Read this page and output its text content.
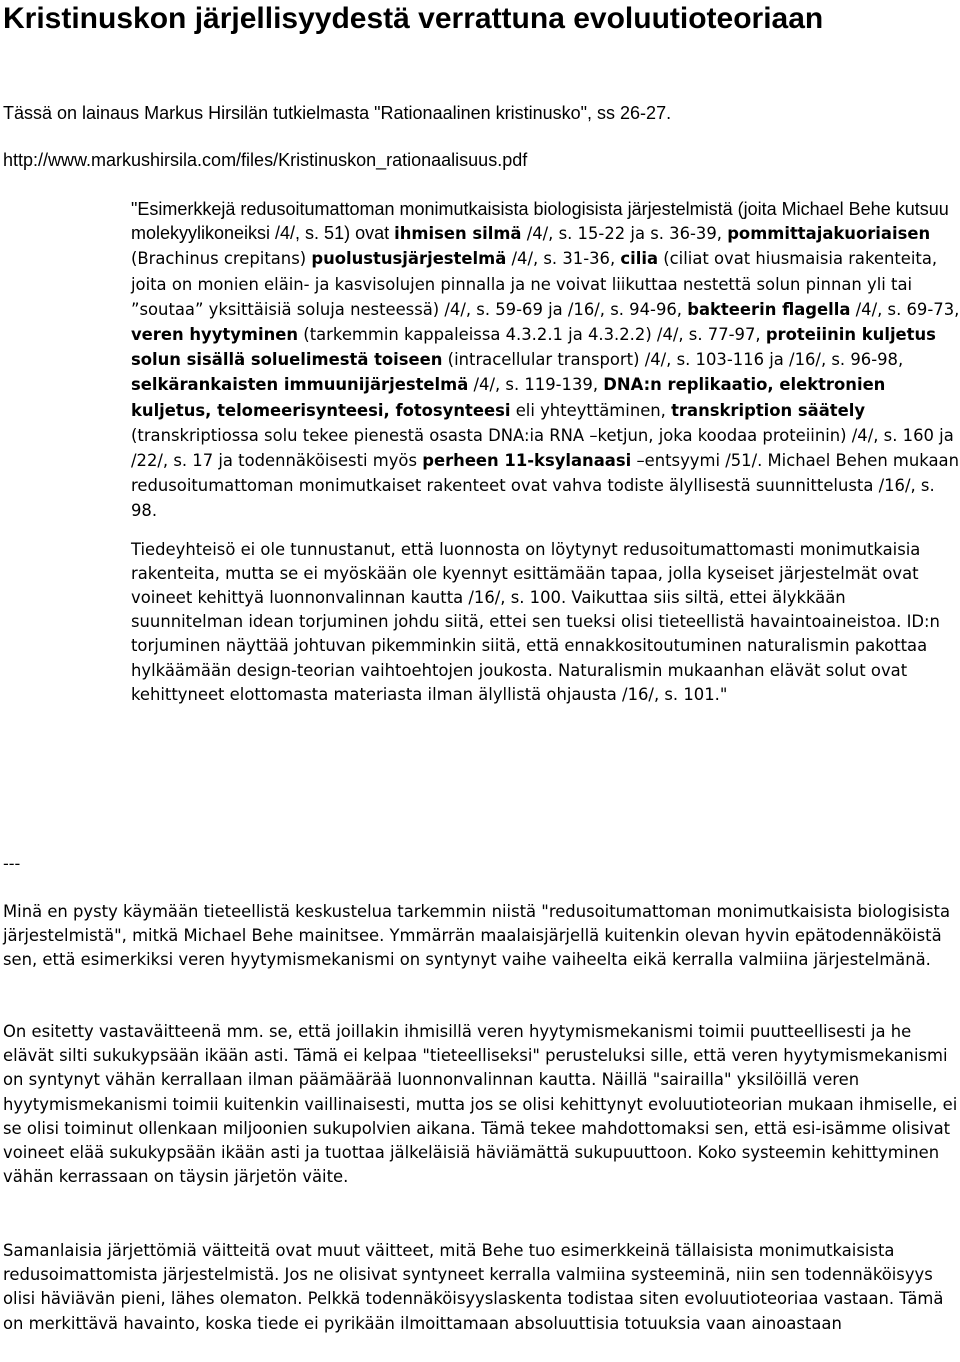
Kristinuskon järjellisyydestä verrattuna evoluutioteoriaan

Tässä on lainaus Markus Hirsilän tutkielmasta "Rationaalinen kristinusko", ss 26-27.

http://www.markushirsila.com/files/Kristinuskon_rationaalisuus.pdf

"Esimerkkejä redusoitumattoman monimutkaisista biologisista järjestelmistä (joita Michael Behe kutsuu molekyylikoneiksi /4/, s. 51) ovat ihmisen silmä /4/, s. 15-22 ja s. 36-39, pommittajakuoriaisen (Brachinus crepitans) puolustusjärjestelmä /4/, s. 31-36, cilia (ciliat ovat hiusmaisia rakenteita, joita on monien eläin- ja kasvisolujen pinnalla ja ne voivat liikuttaa nestettä solun pinnan yli tai ”soutaa” yksittäisiä soluja nesteessä) /4/, s. 59-69 ja /16/, s. 94-96, bakteerin flagella /4/, s. 69-73, veren hyytyminen (tarkemmin kappaleissa 4.3.2.1 ja 4.3.2.2) /4/, s. 77-97, proteiinin kuljetus solun sisällä soluelimestä toiseen (intracellular transport) /4/, s. 103-116 ja /16/, s. 96-98, selkärankaisten immuunijärjestelmä /4/, s. 119-139, DNA:n replikaatio, elektronien kuljetus, telomeerisynteesi, fotosynteesi eli yhteyttäminen, transkription säätely (transkriptiossa solu tekee pienestä osasta DNA:ia RNA –ketjun, joka koodaa proteiinin) /4/, s. 160 ja /22/, s. 17 ja todennäköisesti myös perheen 11-ksylanaasi –entsyymi /51/. Michael Behen mukaan redusoitumattoman monimutkaiset rakenteet ovat vahva todiste älyllisestä suunnittelusta /16/, s. 98.

Tiedeyhteisö ei ole tunnustanut, että luonnosta on löytynyt redusoitumattomasti monimutkaisia rakenteita, mutta se ei myöskään ole kyennyt esittämään tapaa, jolla kyseiset järjestelmät ovat voineet kehittyä luonnonvalinnan kautta /16/, s. 100. Vaikuttaa siis siltä, ettei älykkään suunnitelman idean torjuminen johdu siitä, ettei sen tueksi olisi tieteellistä havaintoaineistoa. ID:n torjuminen näyttää johtuvan pikemminkin siitä, että ennakkositoutuminen naturalismin pakottaa hylkäämään design-teorian vaihtoehtojen joukosta. Naturalismin mukaanhan elävät solut ovat kehittyneet elottomasta materiasta ilman älyllistä ohjausta /16/, s. 101."

---

Minä en pysty käymään tieteellistä keskustelua tarkemmin niistä "redusoitumattoman monimutkaisista biologisista järjestelmistä", mitkä Michael Behe mainitsee. Ymmärrän maalaisjärjellä kuitenkin olevan hyvin epätodennäköistä sen, että esimerkiksi veren hyytymismekanismi on syntynyt vaihe vaiheelta eikä kerralla valmiina järjestelmänä.

On esitetty vastaväitteenä mm. se, että joillakin ihmisillä veren hyytymismekanismi toimii puutteellisesti ja he elävät silti sukukypsään ikään asti. Tämä ei kelpaa "tieteelliseksi" perusteluksi sille, että veren hyytymismekanismi on syntynyt vähän kerrallaan ilman päämäärää luonnonvalinnan kautta. Näillä "sairailla" yksilöillä veren hyytymismekanismi toimii kuitenkin vaillinaisesti, mutta jos se olisi kehittynyt evoluutioteorian mukaan ihmiselle, ei se olisi toiminut ollenkaan miljoonien sukupolvien aikana. Tämä tekee mahdottomaksi sen, että esi-isämme olisivat voineet elää sukukypsään ikään asti ja tuottaa jälkeläisiä häviämättä sukupuuttoon. Koko systeemin kehittyminen vähän kerrassaan on täysin järjetön väite.

Samanlaisia järjettömiä väitteitä ovat muut väitteet, mitä Behe tuo esimerkkeinä tällaisista monimutkaisista redusoimattomista järjestelmistä. Jos ne olisivat syntyneet kerralla valmiina systeeminä, niin sen todennäköisyys olisi häviävän pieni, lähes olematon. Pelkkä todennäköisyyslaskenta todistaa siten evoluutioteoriaa vastaan. Tämä on merkittävä havainto, koska tiede ei pyrikään ilmoittamaan absoluuttisia totuuksia vaan ainoastaan
